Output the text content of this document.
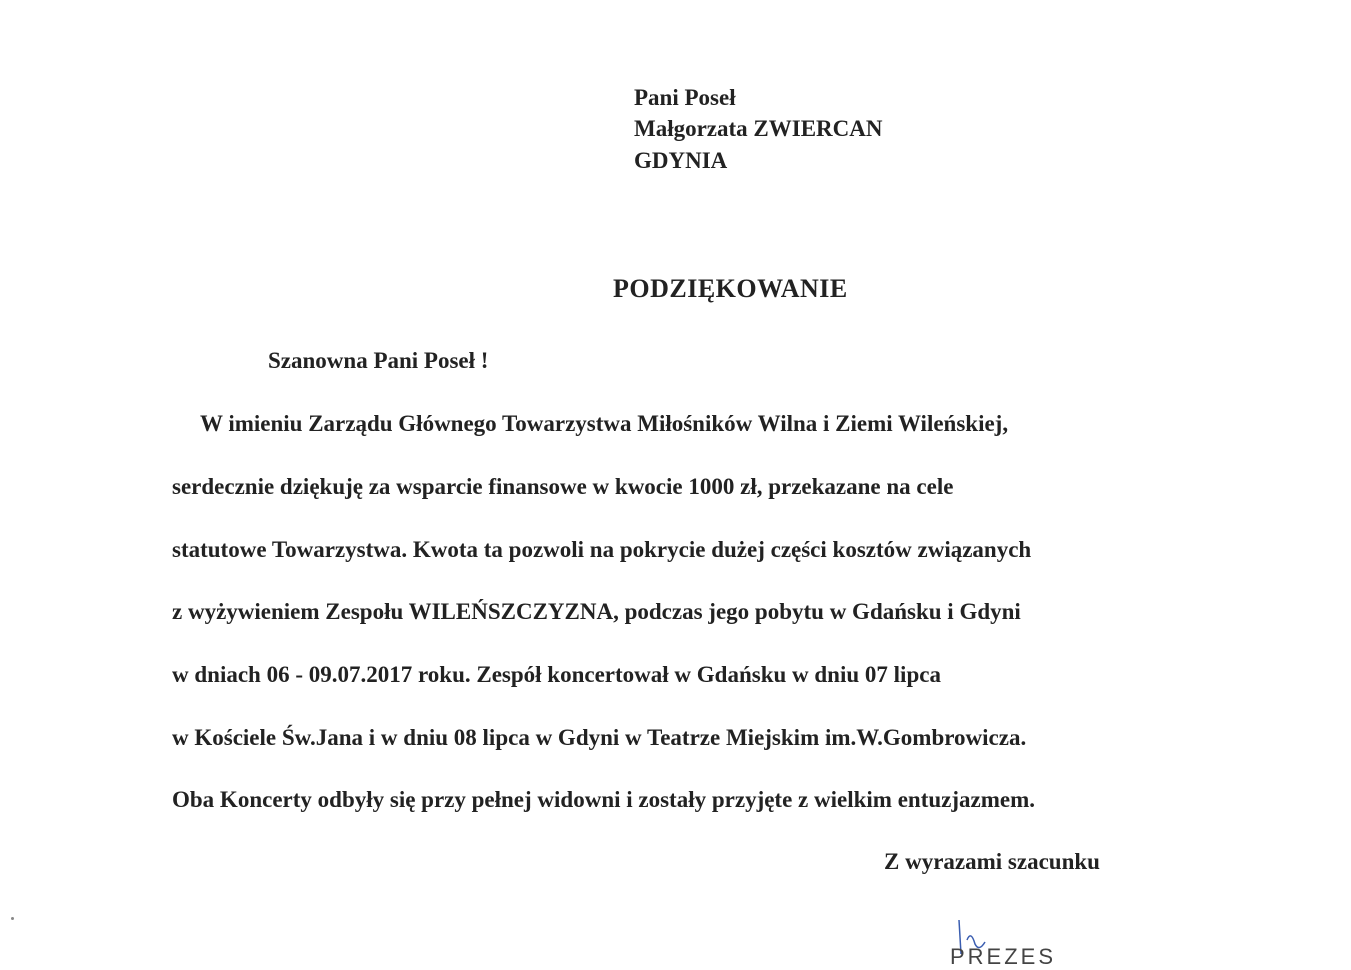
Pani Poseł
Małgorzata ZWIERCAN
GDYNIA
PODZIĘKOWANIE
Szanowna Pani Poseł !
W imieniu Zarządu Głównego Towarzystwa Miłośników Wilna i Ziemi Wileńskiej,
serdecznie dziękuję za wsparcie finansowe w kwocie 1000 zł, przekazane na cele
statutowe Towarzystwa. Kwota ta pozwoli na pokrycie dużej części kosztów związanych
z wyżywieniem Zespołu WILEŃSZCZYZNA, podczas jego pobytu w Gdańsku i Gdyni
w dniach 06 - 09.07.2017 roku. Zespół koncertował w Gdańsku w dniu 07 lipca
w Kościele Św.Jana i w dniu 08 lipca w Gdyni w Teatrze Miejskim im.W.Gombrowicza.
Oba Koncerty odbyły się przy pełnej widowni i zostały przyjęte z wielkim entuzjazmem.
Z wyrazami szacunku
PREZES
